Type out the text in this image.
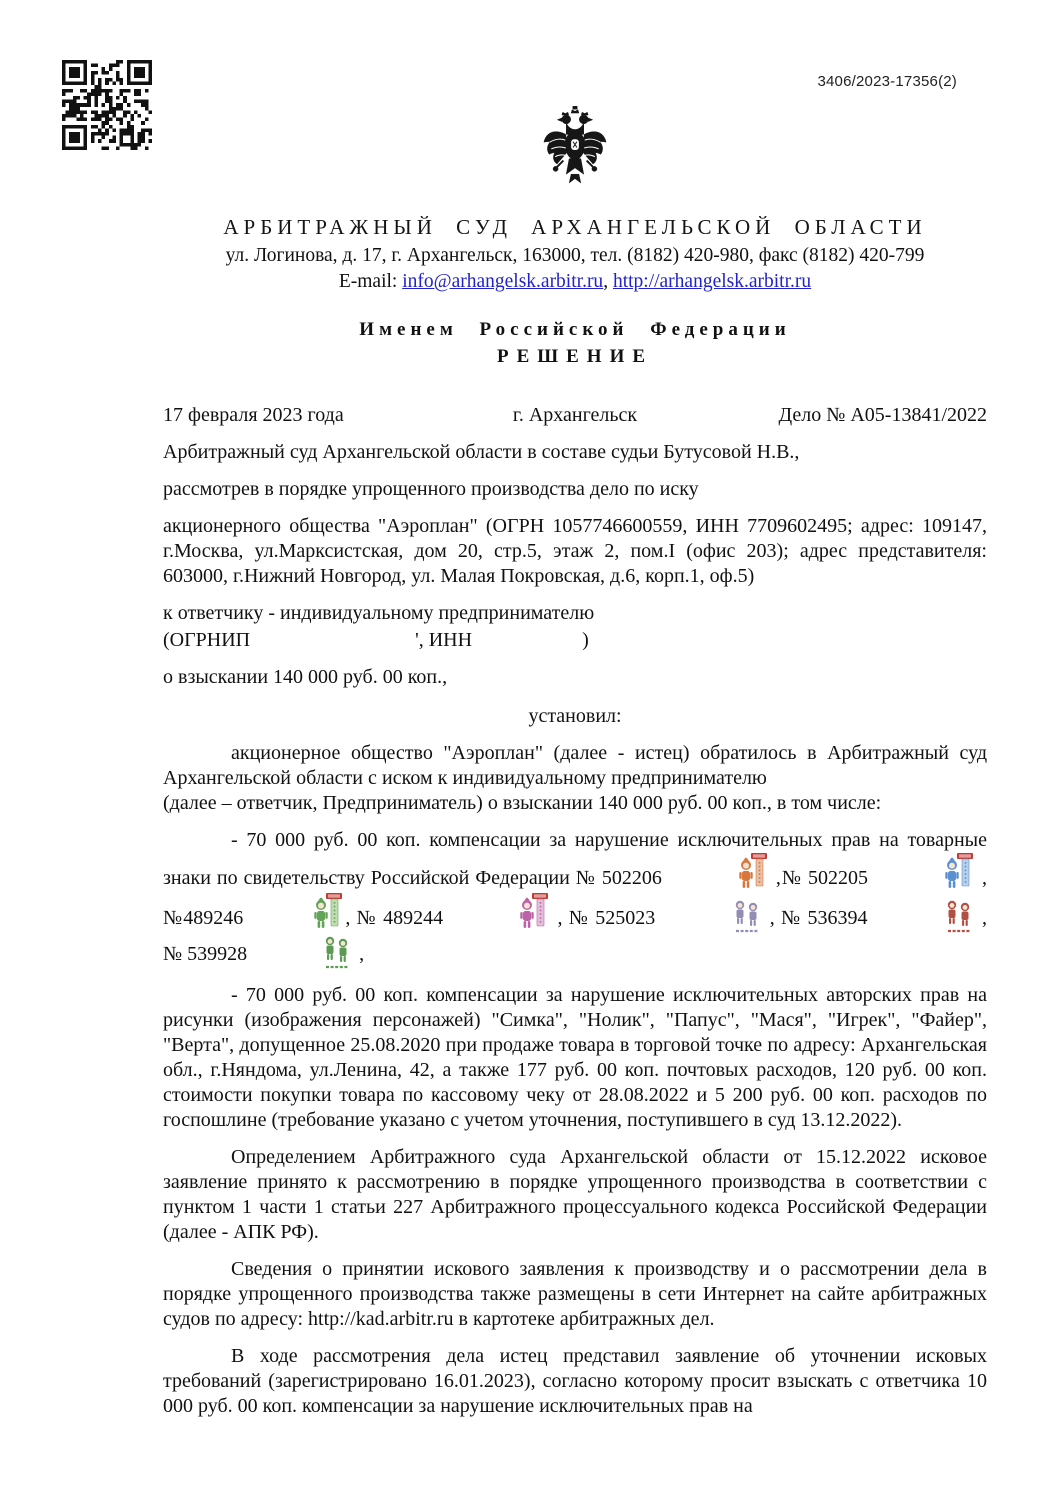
3406/2023-17356(2)
АРБИТРАЖНЫЙ СУД АРХАНГЕЛЬСКОЙ ОБЛАСТИ
ул. Логинова, д. 17, г. Архангельск, 163000, тел. (8182) 420-980, факс (8182) 420-799
E-mail: info@arhangelsk.arbitr.ru, http://arhangelsk.arbitr.ru
Именем Российской Федерации
РЕШЕНИЕ
17 февраля 2023 года	г. Архангельск	Дело № А05-13841/2022
Арбитражный суд Архангельской области в составе судьи Бутусовой Н.В.,
рассмотрев в порядке упрощенного производства дело по иску
акционерного общества "Аэроплан" (ОГРН 1057746600559, ИНН 7709602495; адрес: 109147, г.Москва, ул.Марксистская, дом 20, стр.5, этаж 2, пом.I (офис 203); адрес представителя: 603000, г.Нижний Новгород, ул. Малая Покровская, д.6, корп.1, оф.5)
к ответчику - индивидуальному предпринимателю
(ОГРНИП	', ИНН	)
о взыскании 140 000 руб. 00 коп.,
установил:
акционерное общество "Аэроплан" (далее - истец) обратилось в Арбитражный суд Архангельской области с иском к индивидуальному предпринимателю  (далее – ответчик, Предприниматель) о взыскании 140 000 руб. 00 коп., в том числе:
- 70 000 руб. 00 коп. компенсации за нарушение исключительных прав на товарные знаки по свидетельству Российской Федерации № 502206	,№ 502205	,№489246	, № 489244	, № 525023	, № 536394	, № 539928	,
- 70 000 руб. 00 коп. компенсации за нарушение исключительных авторских прав на рисунки (изображения персонажей) "Симка", "Нолик", "Папус", "Мася", "Игрек", "Файер", "Верта", допущенное 25.08.2020 при продаже товара в торговой точке по адресу: Архангельская обл., г.Няндома, ул.Ленина, 42, а также 177 руб. 00 коп. почтовых расходов, 120 руб. 00 коп. стоимости покупки товара по кассовому чеку от 28.08.2022 и 5 200 руб. 00 коп. расходов по госпошлине (требование указано с учетом уточнения, поступившего в суд 13.12.2022).
Определением Арбитражного суда Архангельской области от 15.12.2022 исковое заявление принято к рассмотрению в порядке упрощенного производства в соответствии с пунктом 1 части 1 статьи 227 Арбитражного процессуального кодекса Российской Федерации (далее - АПК РФ).
Сведения о принятии искового заявления к производству и о рассмотрении дела в порядке упрощенного производства также размещены в сети Интернет на сайте арбитражных судов по адресу: http://kad.arbitr.ru в картотеке арбитражных дел.
В ходе рассмотрения дела истец представил заявление об уточнении исковых требований (зарегистрировано 16.01.2023), согласно которому просит взыскать с ответчика 10 000 руб. 00 коп. компенсации за нарушение исключительных прав на
